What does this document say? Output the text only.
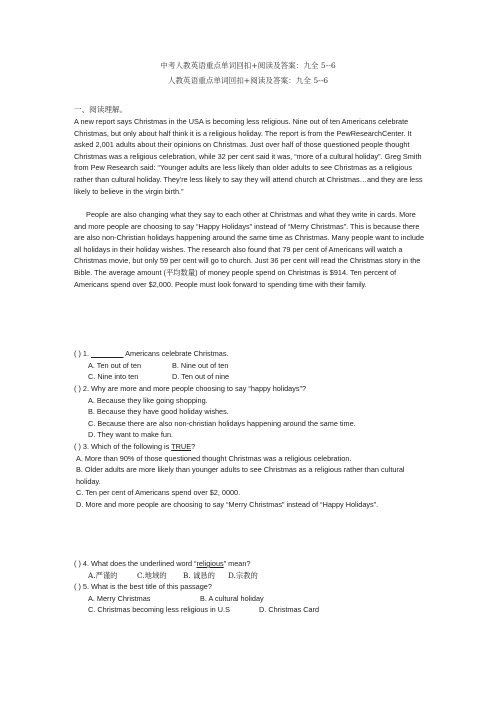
中考人教英语重点单词回扣+阅读及答案：九全 5--6
人教英语重点单词回扣+阅读及答案：九全 5--6
一、阅读理解。
A new report says Christmas in the USA is becoming less religious. Nine out of ten Americans celebrate Christmas, but only about half think it is a religious holiday. The report is from the PewResearchCenter. It asked 2,001 adults about their opinions on Christmas. Just over half of those questioned people thought Christmas was a religious celebration, while 32 per cent said it was, “more of a cultural holiday”. Greg Smith from Pew Research said: “Younger adults are less likely than older adults to see Christmas as a religious rather than cultural holiday. They’re less likely to say they will attend church at Christmas…and they are less likely to believe in the virgin birth.”
People are also changing what they say to each other at Christmas and what they write in cards. More and more people are choosing to say “Happy Holidays” instead of “Merry Christmas”. This is because there are also non-Christian holidays happening around the same time as Christmas. Many people want to include all holidays in their holiday wishes. The research also found that 79 per cent of Americans will watch a Christmas movie, but only 59 per cent will go to church. Just 36 per cent will read the Christmas story in the Bible. The average amount (平均数量) of money people spend on Christmas is $914. Ten percent of Americans spend over $2,000. People must look forward to spending time with their family.
( ) 1. ________ Americans celebrate Christmas.
A. Ten out of ten	B. Nine out of ten
C. Nine into ten	D. Ten out of nine
( ) 2. Why are more and more people choosing to say “happy holidays”?
A. Because they like going shopping.
B. Because they have good holiday wishes.
C. Because there are also non-christian holidays happening around the same time.
D. They want to make fun.
( ) 3. Which of the following is TRUE?
A. More than 90% of those questioned thought Christmas was a religious celebration.
B. Older adults are more likely than younger adults to see Christmas as a religious rather than cultural holiday.
C. Ten per cent of Americans spend over $2, 0000.
D. More and more people are choosing to say “Merry Christmas” instead of “Happy Holidays”.
( ) 4. What does the underlined word “religious” mean?
A.严谨的	C.地域的 B. 诚恳的 D.宗教的
( ) 5. What is the best title of this passage?
A. Merry Christmas	B. A cultural holiday
C. Christmas becoming less religious in U.S	D. Christmas Card
